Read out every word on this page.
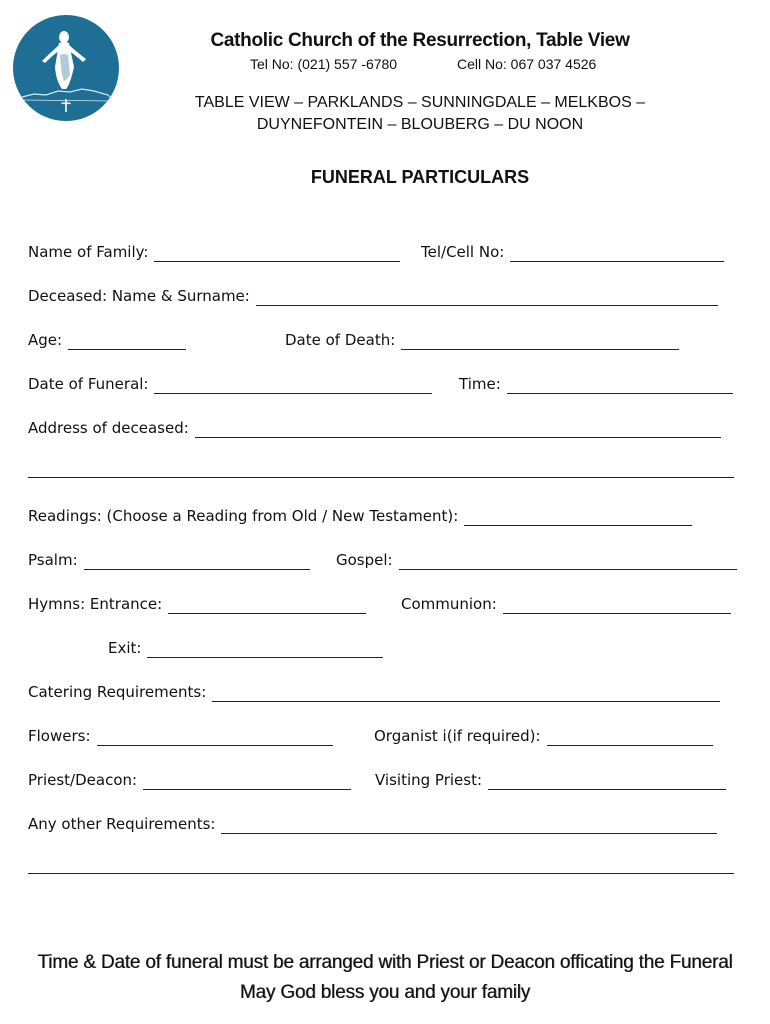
Catholic Church of the Resurrection, Table View
Tel No: (021) 557 -6780	Cell No: 067 037 4526
TABLE VIEW – PARKLANDS – SUNNINGDALE – MELKBOS –
DUYNEFONTEIN – BLOUBERG – DU NOON
FUNERAL PARTICULARS
Name of Family:	Tel/Cell No:
Deceased: Name & Surname:
Age:	Date of Death:
Date of Funeral:	Time:
Address of deceased:
Readings: (Choose a Reading from Old / New Testament):
Psalm:	Gospel:
Hymns: Entrance:	Communion:
Exit:
Catering Requirements:
Flowers:	Organist i(if required):
Priest/Deacon:	Visiting Priest:
Any other Requirements:
Time & Date of funeral must be arranged with Priest or Deacon officating the Funeral
May God bless you and your family
